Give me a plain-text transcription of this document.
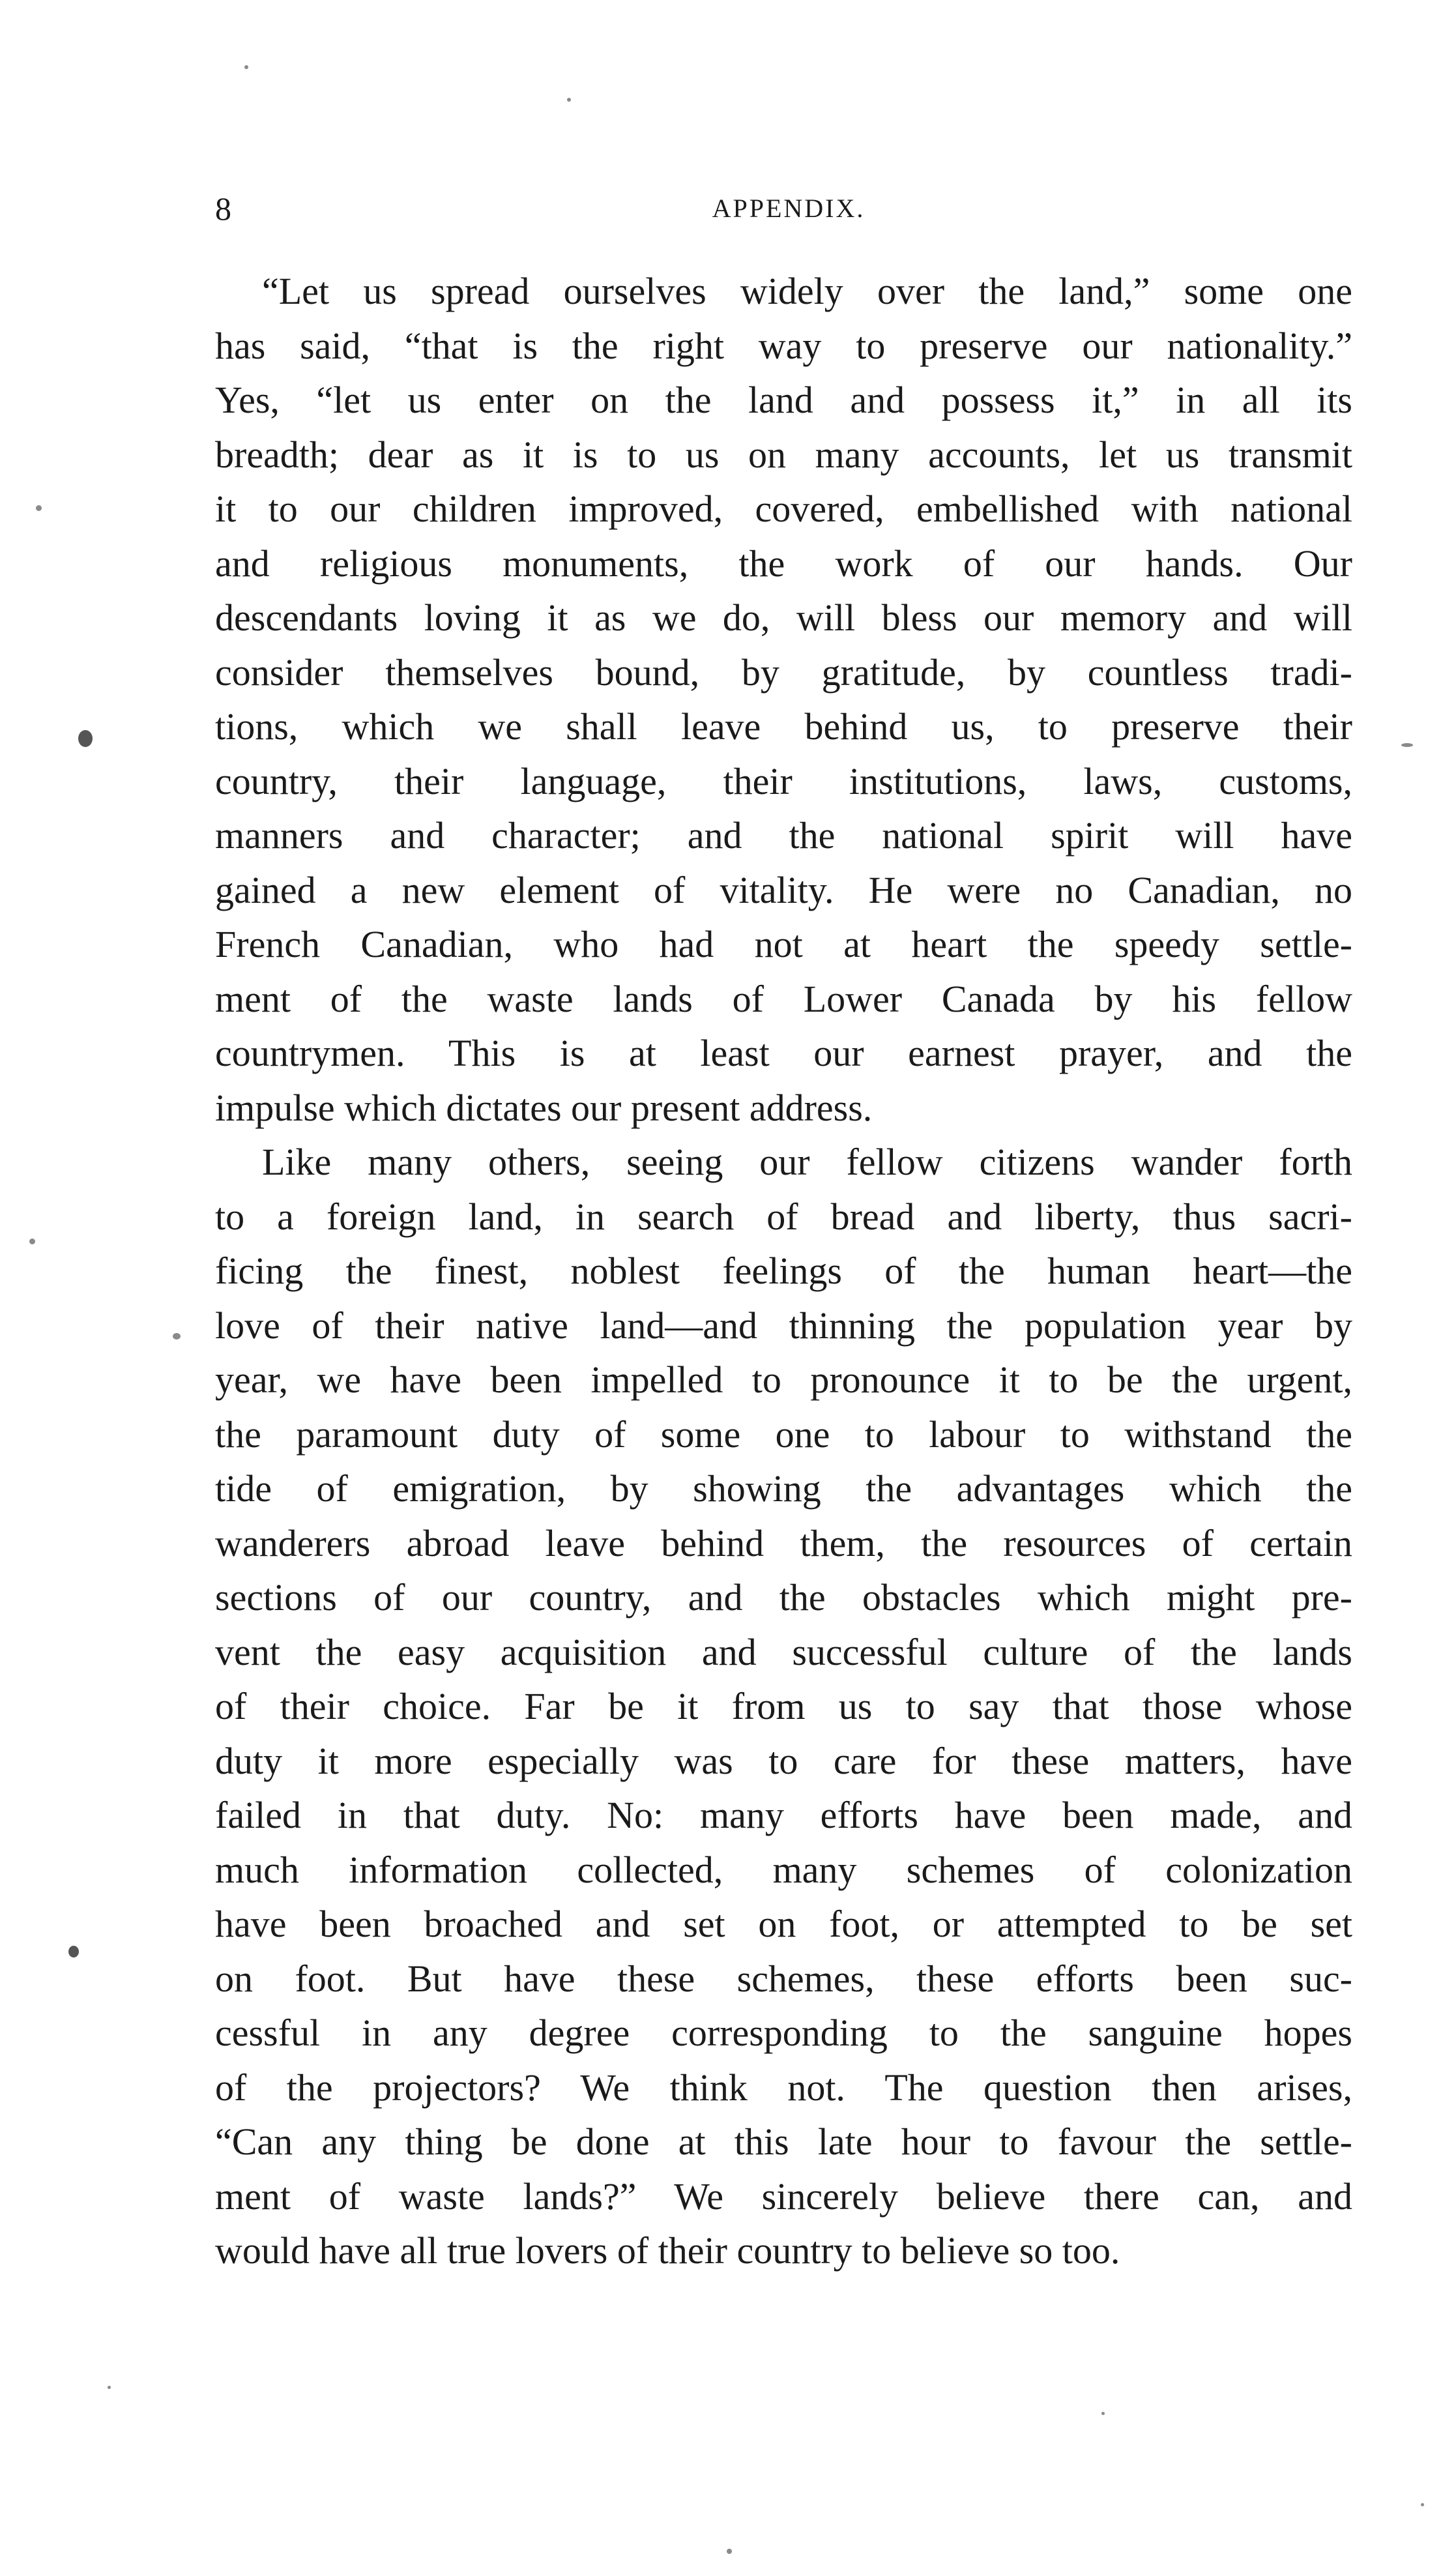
8	APPENDIX.

“Let us spread ourselves widely over the land,” some one
has said, “that is the right way to preserve our nationality.”
Yes, “let us enter on the land and possess it,” in all its
breadth; dear as it is to us on many accounts, let us transmit
it to our children improved, covered, embellished with national
and religious monuments, the work of our hands. Our
descendants loving it as we do, will bless our memory and will
consider themselves bound, by gratitude, by countless tradi-
tions, which we shall leave behind us, to preserve their
country, their language, their institutions, laws, customs,
manners and character; and the national spirit will have
gained a new element of vitality. He were no Canadian, no
French Canadian, who had not at heart the speedy settle-
ment of the waste lands of Lower Canada by his fellow
countrymen. This is at least our earnest prayer, and the
impulse which dictates our present address.

Like many others, seeing our fellow citizens wander forth
to a foreign land, in search of bread and liberty, thus sacri-
ficing the finest, noblest feelings of the human heart—the
love of their native land—and thinning the population year by
year, we have been impelled to pronounce it to be the urgent,
the paramount duty of some one to labour to withstand the
tide of emigration, by showing the advantages which the
wanderers abroad leave behind them, the resources of certain
sections of our country, and the obstacles which might pre-
vent the easy acquisition and successful culture of the lands
of their choice. Far be it from us to say that those whose
duty it more especially was to care for these matters, have
failed in that duty. No: many efforts have been made, and
much information collected, many schemes of colonization
have been broached and set on foot, or attempted to be set
on foot. But have these schemes, these efforts been suc-
cessful in any degree corresponding to the sanguine hopes
of the projectors? We think not. The question then arises,
“Can any thing be done at this late hour to favour the settle-
ment of waste lands?” We sincerely believe there can, and
would have all true lovers of their country to believe so too.
